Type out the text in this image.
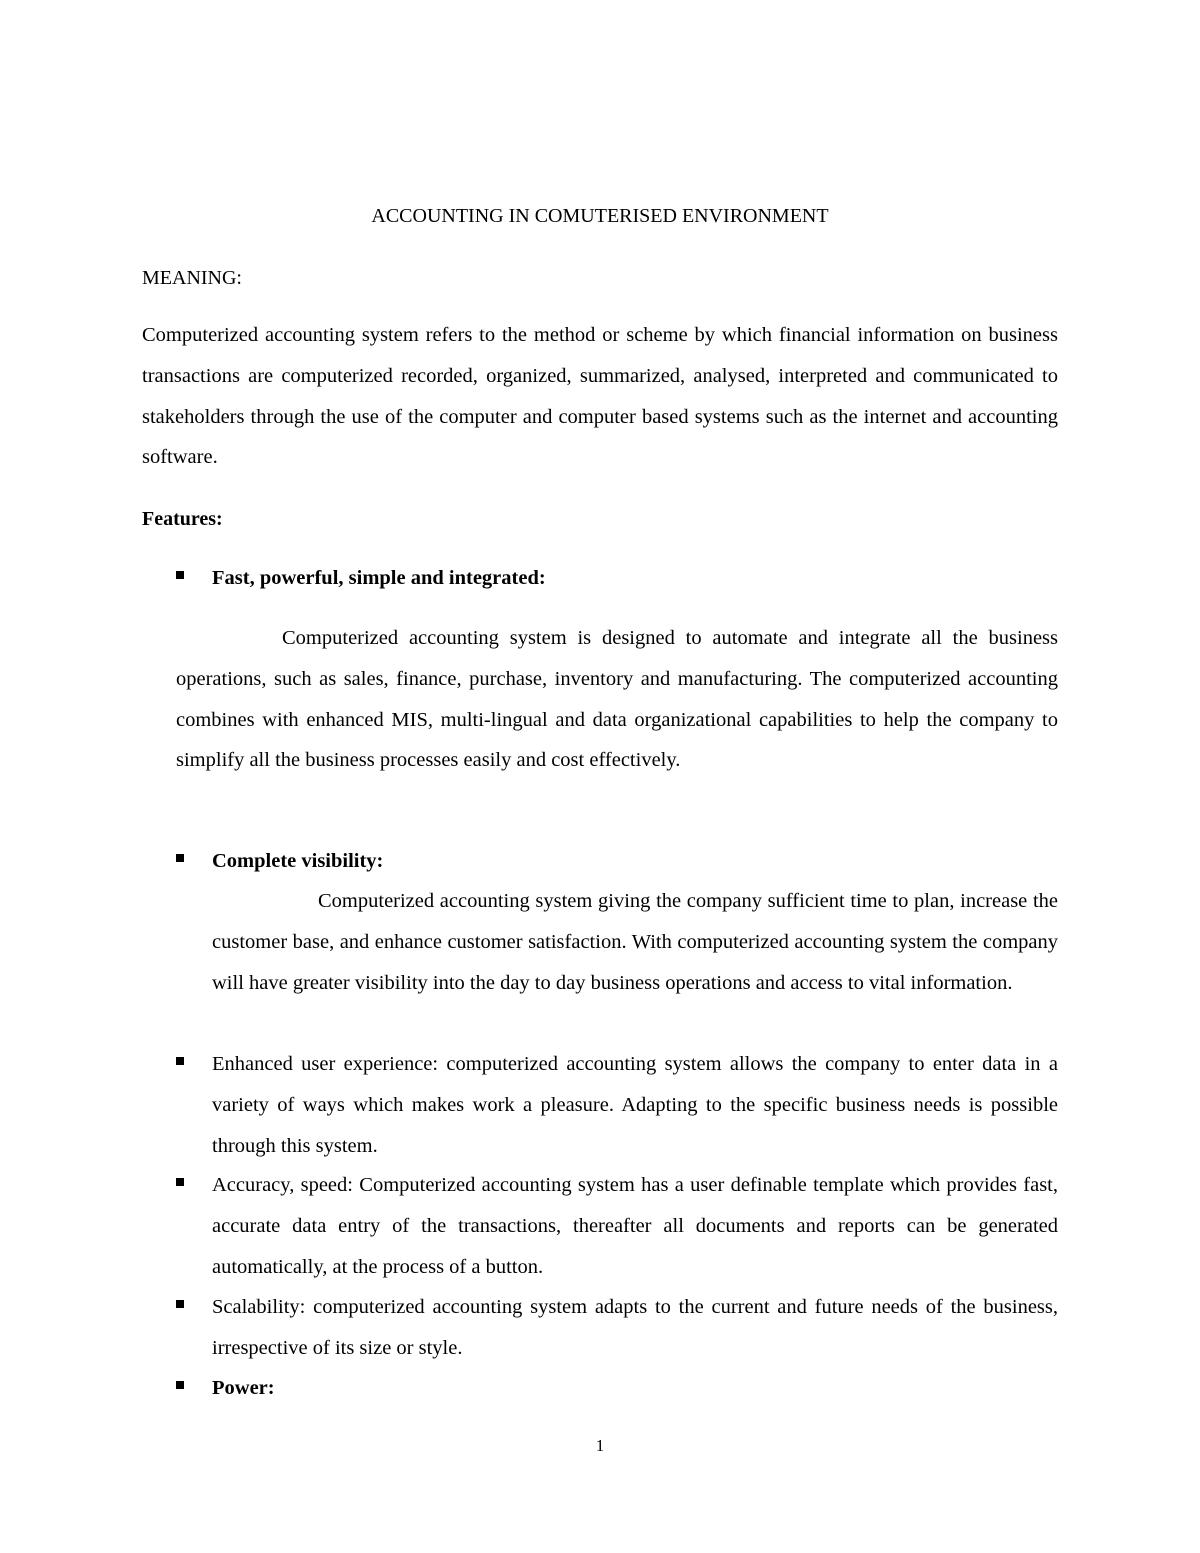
ACCOUNTING IN COMUTERISED ENVIRONMENT
MEANING:
Computerized accounting system refers to the method or scheme by which financial information on business transactions are computerized recorded, organized, summarized, analysed, interpreted and communicated to stakeholders through the use of the computer and computer based systems such as the internet and accounting software.
Features:
Fast, powerful, simple and integrated:
Computerized accounting system is designed to automate and integrate all the business operations, such as sales, finance, purchase, inventory and manufacturing. The computerized accounting combines with enhanced MIS, multi-lingual and data organizational capabilities to help the company to simplify all the business processes easily and cost effectively.
Complete visibility:
Computerized accounting system giving the company sufficient time to plan, increase the customer base, and enhance customer satisfaction. With computerized accounting system the company will have greater visibility into the day to day business operations and access to vital information.
Enhanced user experience: computerized accounting system allows the company to enter data in a variety of ways which makes work a pleasure. Adapting to the specific business needs is possible through this system.
Accuracy, speed: Computerized accounting system has a user definable template which provides fast, accurate data entry of the transactions, thereafter all documents and reports can be generated automatically, at the process of a button.
Scalability: computerized accounting system adapts to the current and future needs of the business, irrespective of its size or style.
Power:
1
